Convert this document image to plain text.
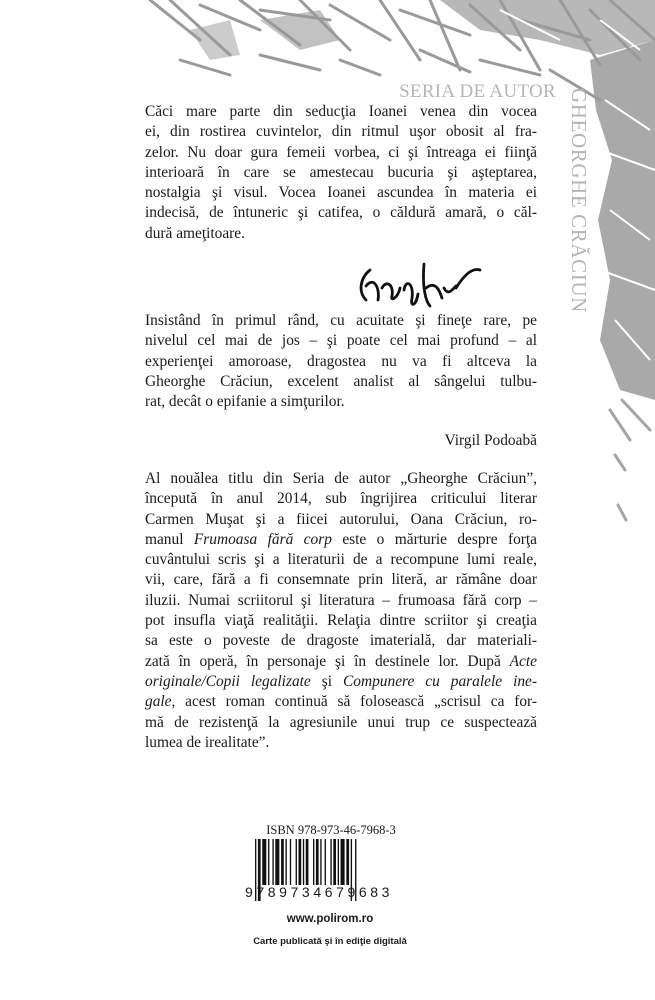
SERIA DE AUTOR GHEORGHE CRĂCIUN
Căci mare parte din seducţia Ioanei venea din vocea
ei, din rostirea cuvintelor, din ritmul uşor obosit al fra-
zelor. Nu doar gura femeii vorbea, ci şi întreaga ei fiinţă
interioară în care se amestecau bucuria şi aşteptarea,
nostalgia şi visul. Vocea Ioanei ascundea în materia ei
indecisă, de întuneric şi catifea, o căldură amară, o căl-
dură ameţitoare.
Insistând în primul rând, cu acuitate şi fineţe rare, pe
nivelul cel mai de jos – şi poate cel mai profund – al
experienţei amoroase, dragostea nu va fi altceva la
Gheorghe Crăciun, excelent analist al sângelui tulbu-
rat, decât o epifanie a simţurilor.
Virgil Podoabă
Al nouălea titlu din Seria de autor „Gheorghe Crăciun”,
începută în anul 2014, sub îngrijirea criticului literar
Carmen Muşat şi a fiicei autorului, Oana Crăciun, ro-
manul Frumoasa fără corp este o mărturie despre forţa
cuvântului scris şi a literaturii de a recompune lumi reale,
vii, care, fără a fi consemnate prin literă, ar rămâne doar
iluzii. Numai scriitorul şi literatura – frumoasa fără corp –
pot insufla viaţă realităţii. Relaţia dintre scriitor şi creaţia
sa este o poveste de dragoste imaterială, dar materiali-
zată în operă, în personaje şi în destinele lor. După Acte
originale/Copii legalizate şi Compunere cu paralele ine-
gale, acest roman continuă să folosească „scrisul ca for-
mă de rezistenţă la agresiunile unui trup ce suspectează
lumea de irealitate”.
ISBN 978-973-46-7968-3
9789734679683
www.polirom.ro
Carte publicată şi în ediţie digitală
